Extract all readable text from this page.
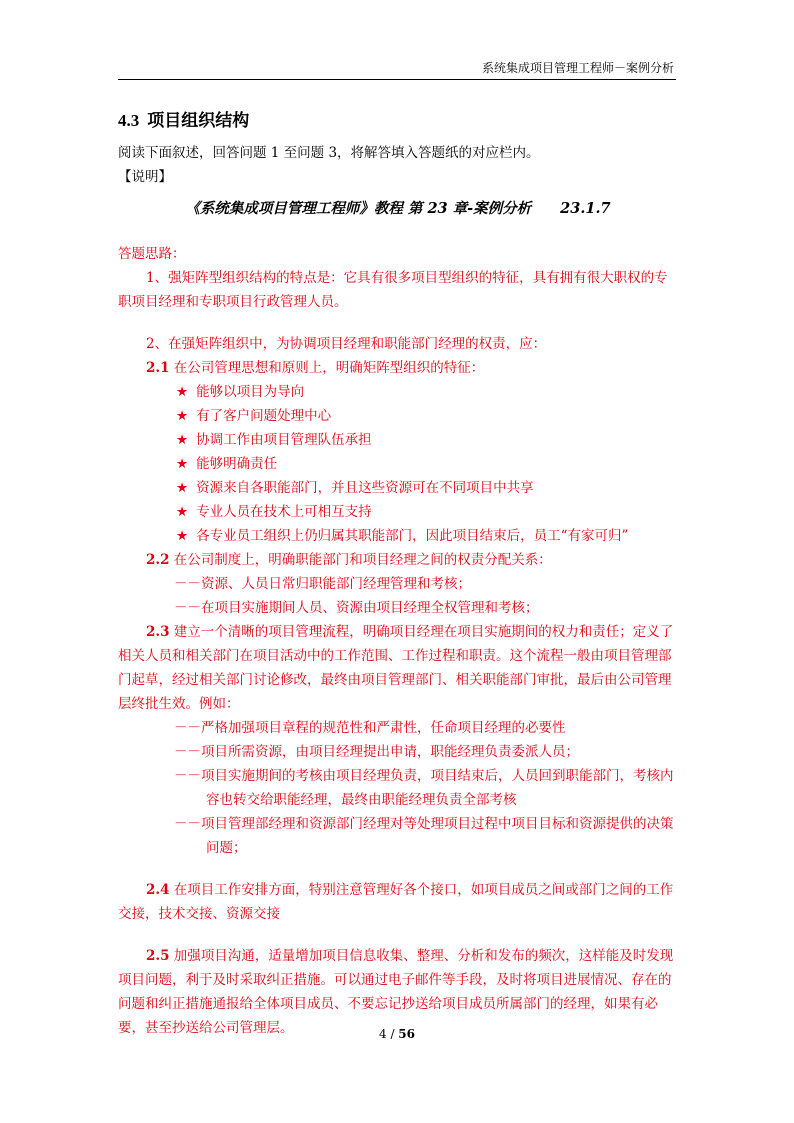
系统集成项目管理工程师－案例分析
4.3 项目组织结构

阅读下面叙述，回答问题 1 至问题 3，将解答填入答题纸的对应栏内。

【说明】

《系统集成项目管理工程师》教程 第 23 章-案例分析　　23.1.7

答题思路：

1、强矩阵型组织结构的特点是：它具有很多项目型组织的特征，具有拥有很大职权的专职项目经理和专职项目行政管理人员。

2、在强矩阵组织中，为协调项目经理和职能部门经理的权责，应：

2.1 在公司管理思想和原则上，明确矩阵型组织的特征：

★ 能够以项目为导向
★ 有了客户问题处理中心
★ 协调工作由项目管理队伍承担
★ 能够明确责任
★ 资源来自各职能部门，并且这些资源可在不同项目中共享
★ 专业人员在技术上可相互支持
★ 各专业员工组织上仍归属其职能部门，因此项目结束后，员工“有家可归”

2.2 在公司制度上，明确职能部门和项目经理之间的权责分配关系：

－－资源、人员日常归职能部门经理管理和考核；
－－在项目实施期间人员、资源由项目经理全权管理和考核；

2.3 建立一个清晰的项目管理流程，明确项目经理在项目实施期间的权力和责任；定义了相关人员和相关部门在项目活动中的工作范围、工作过程和职责。这个流程一般由项目管理部门起草，经过相关部门讨论修改，最终由项目管理部门、相关职能部门审批，最后由公司管理层终批生效。例如：

－－严格加强项目章程的规范性和严肃性，任命项目经理的必要性
－－项目所需资源，由项目经理提出申请，职能经理负责委派人员；
－－项目实施期间的考核由项目经理负责，项目结束后，人员回到职能部门，考核内容也转交给职能经理，最终由职能经理负责全部考核
－－项目管理部经理和资源部门经理对等处理项目过程中项目目标和资源提供的决策问题；

2.4 在项目工作安排方面，特别注意管理好各个接口，如项目成员之间或部门之间的工作交接，技术交接、资源交接

2.5 加强项目沟通，适量增加项目信息收集、整理、分析和发布的频次，这样能及时发现项目问题，利于及时采取纠正措施。可以通过电子邮件等手段，及时将项目进展情况、存在的问题和纠正措施通报给全体项目成员、不要忘记抄送给项目成员所属部门的经理，如果有必要，甚至抄送给公司管理层。	4 / 56
